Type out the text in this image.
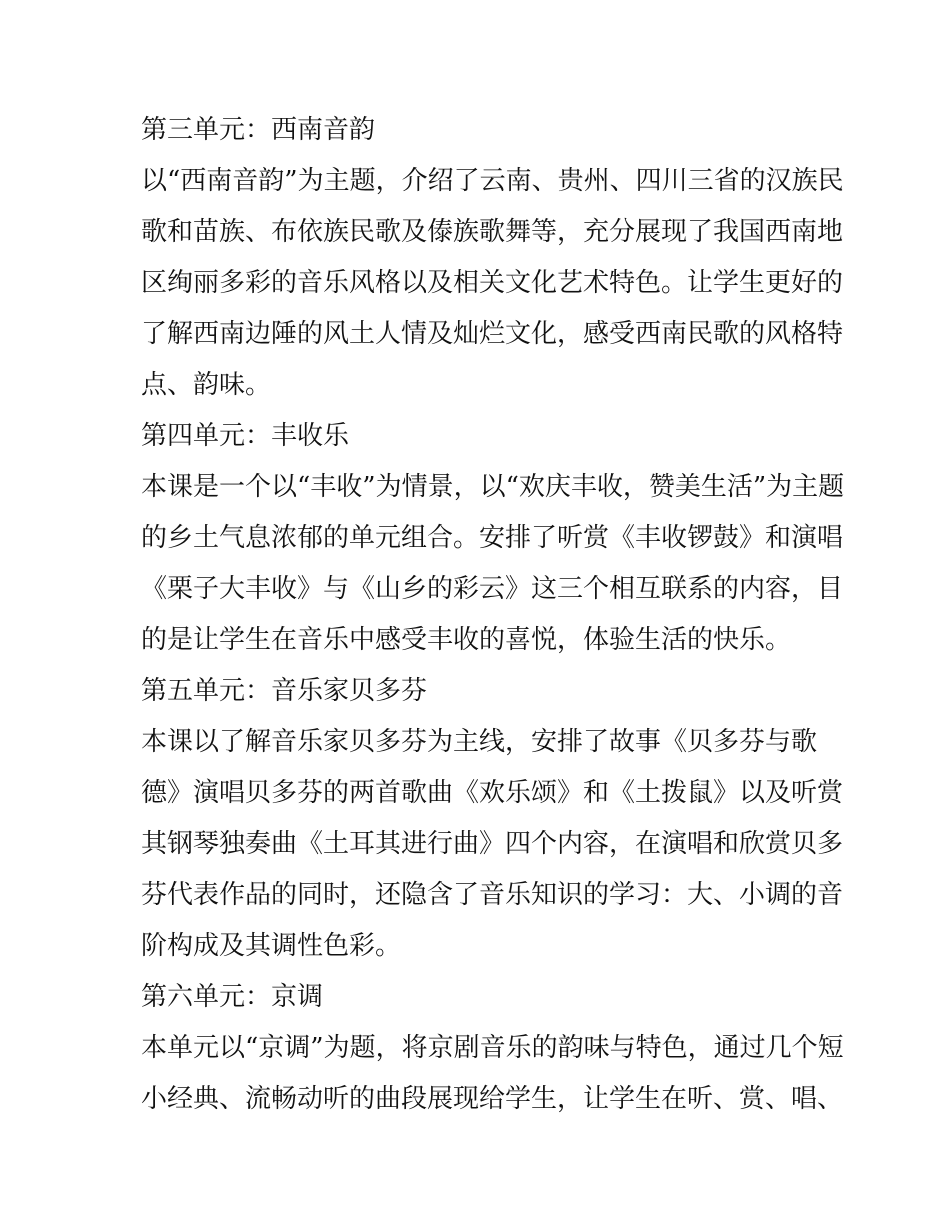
第三单元：西南音韵
以“西南音韵”为主题，介绍了云南、贵州、四川三省的汉族民
歌和苗族、布依族民歌及傣族歌舞等，充分展现了我国西南地
区绚丽多彩的音乐风格以及相关文化艺术特色。让学生更好的
了解西南边陲的风土人情及灿烂文化，感受西南民歌的风格特
点、韵味。
第四单元：丰收乐
本课是一个以“丰收”为情景，以“欢庆丰收，赞美生活”为主题
的乡土气息浓郁的单元组合。安排了听赏《丰收锣鼓》和演唱
《栗子大丰收》与《山乡的彩云》这三个相互联系的内容，目
的是让学生在音乐中感受丰收的喜悦，体验生活的快乐。
第五单元：音乐家贝多芬
本课以了解音乐家贝多芬为主线，安排了故事《贝多芬与歌
德》演唱贝多芬的两首歌曲《欢乐颂》和《土拨鼠》以及听赏
其钢琴独奏曲《土耳其进行曲》四个内容，在演唱和欣赏贝多
芬代表作品的同时，还隐含了音乐知识的学习：大、小调的音
阶构成及其调性色彩。
第六单元：京调
本单元以“京调”为题，将京剧音乐的韵味与特色，通过几个短
小经典、流畅动听的曲段展现给学生，让学生在听、赏、唱、
